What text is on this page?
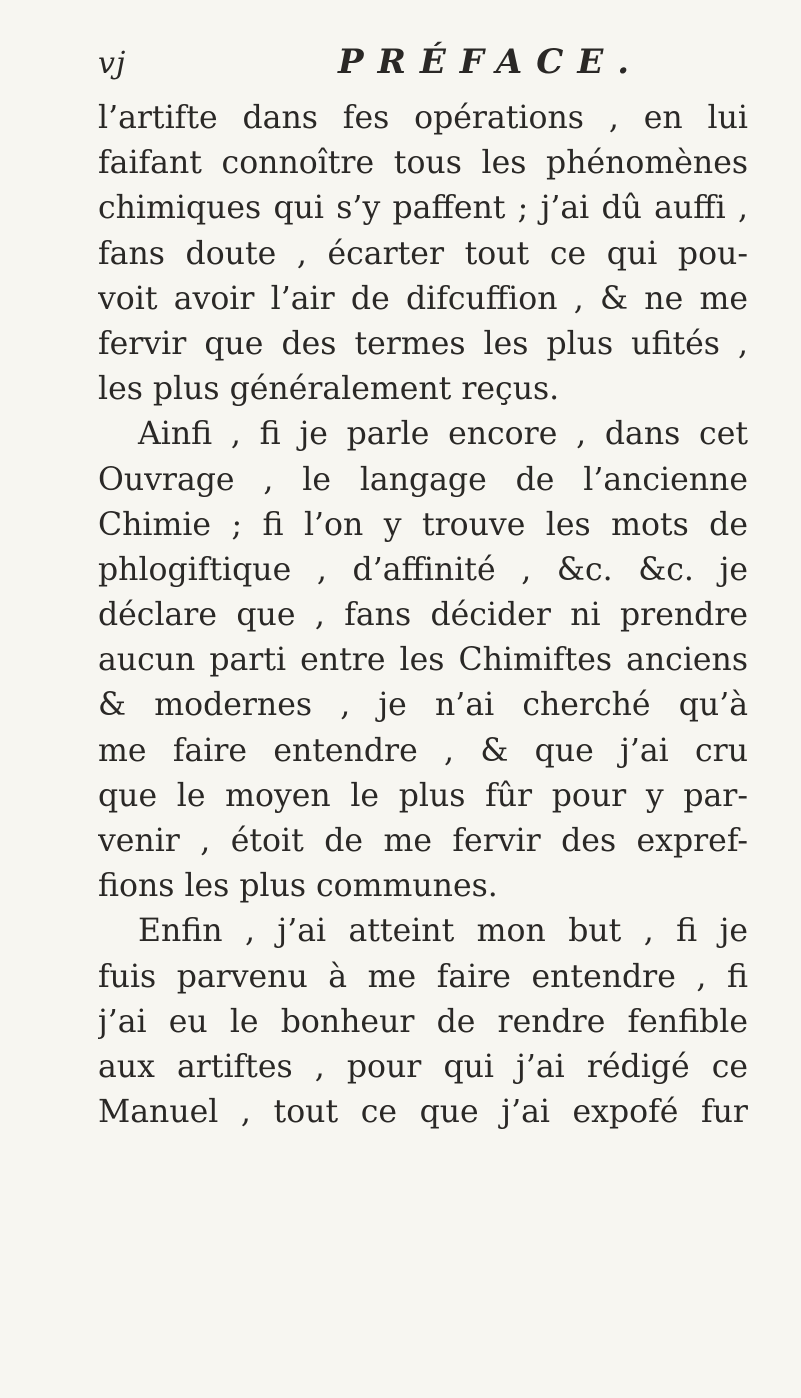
vj	PRÉFACE.
l’artifte dans fes opérations , en lui
faifant connoître tous les phénomènes
chimiques qui s’y paffent ; j’ai dû auffi ,
fans doute , écarter tout ce qui pou-
voit avoir l’air de difcuffion , & ne me
fervir que des termes les plus ufités ,
les plus généralement reçus.
Ainfi , fi je parle encore , dans cet
Ouvrage , le langage de l’ancienne
Chimie ; fi l’on y trouve les mots de
phlogiftique , d’affinité , &c. &c. je
déclare que , fans décider ni prendre
aucun parti entre les Chimiftes anciens
& modernes , je n’ai cherché qu’à
me faire entendre , & que j’ai cru
que le moyen le plus fûr pour y par-
venir , étoit de me fervir des expref-
fions les plus communes.
Enfin , j’ai atteint mon but , fi je
fuis parvenu à me faire entendre , fi
j’ai eu le bonheur de rendre fenfible
aux artiftes , pour qui j’ai rédigé ce
Manuel , tout ce que j’ai expofé fur
